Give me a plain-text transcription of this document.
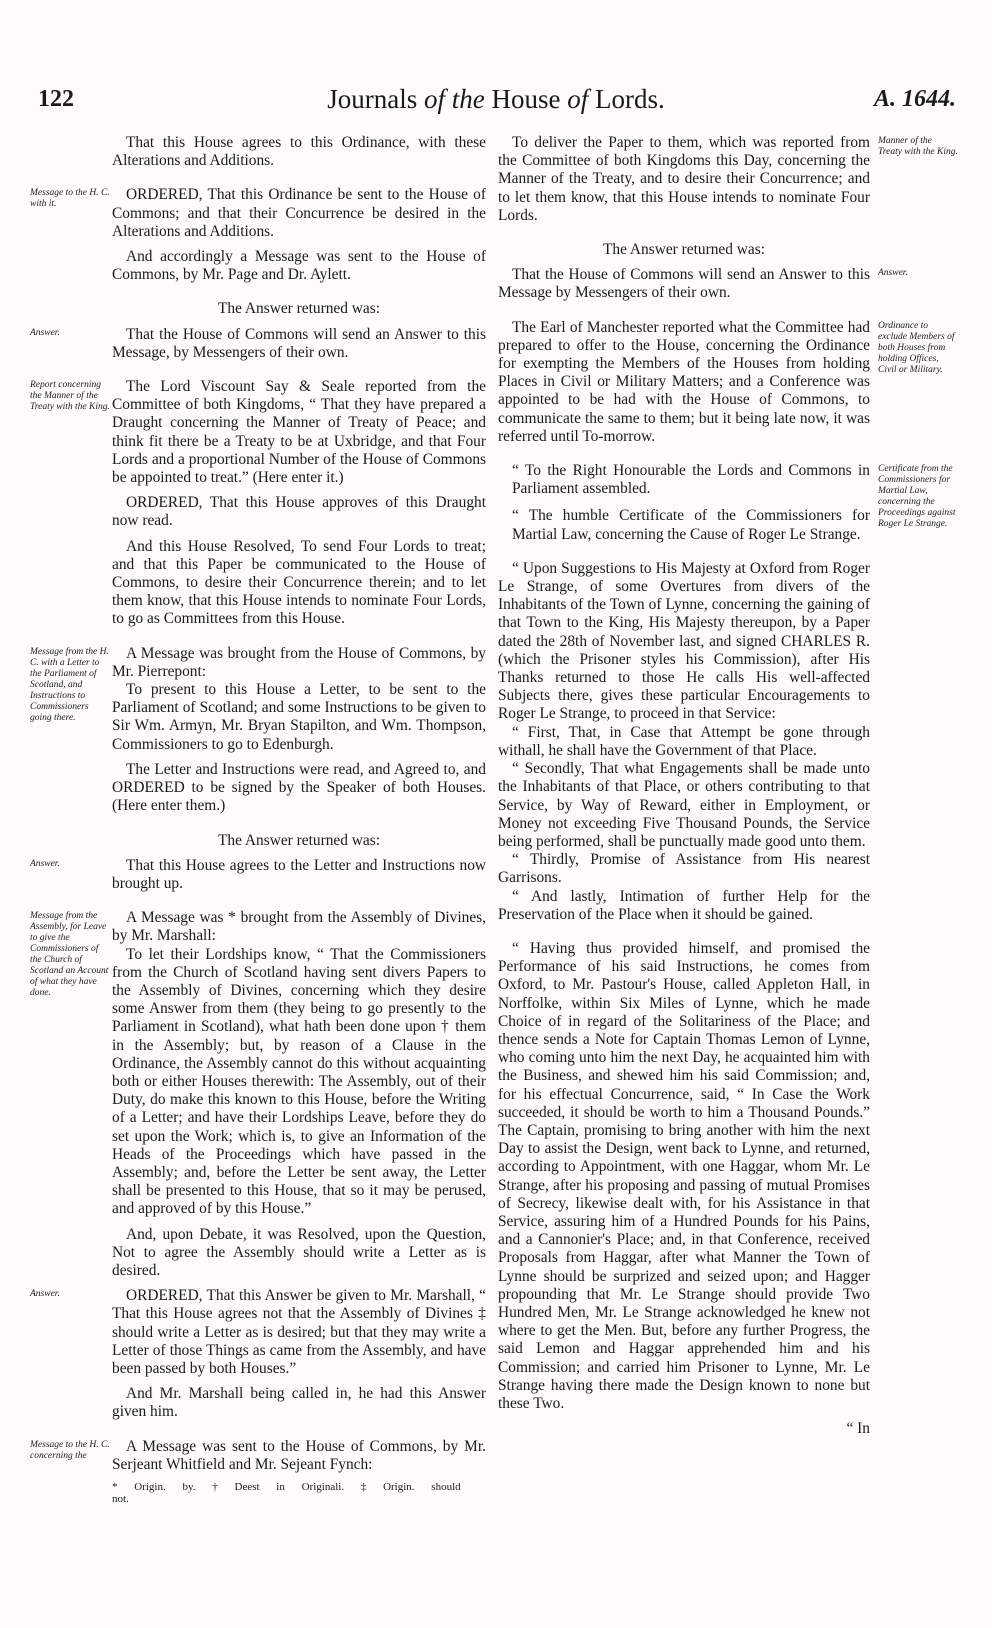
122	Journals of the House of Lords.	A. 1644.

That this House agrees to this Ordinance, with these Alterations and Additions.

Message to the H. C. with it.

ORDERED, That this Ordinance be sent to the House of Commons; and that their Concurrence be desired in the Alterations and Additions.

And accordingly a Message was sent to the House of Commons, by Mr. Page and Dr. Aylett.

The Answer returned was:

Answer.	That the House of Commons will send an Answer to this Message, by Messengers of their own.

Report concerning the Manner of the Treaty with the King.

The Lord Viscount Say & Seale reported from the Committee of both Kingdoms, “ That they have prepared a Draught concerning the Manner of Treaty of Peace; and think fit there be a Treaty to be at Uxbridge, and that Four Lords and a proportional Number of the House of Commons be appointed to treat.” (Here enter it.)

ORDERED, That this House approves of this Draught now read.

And this House Resolved, To send Four Lords to treat; and that this Paper be communicated to the House of Commons, to desire their Concurrence therein; and to let them know, that this House intends to nominate Four Lords, to go as Committees from this House.

Message from the H. C. with a Letter to the Parliament of Scotland, and Instructions to Commissioners going there.

A Message was brought from the House of Commons, by Mr. Pierrepont:

To present to this House a Letter, to be sent to the Parliament of Scotland; and some Instructions to be given to Sir Wm. Armyn, Mr. Bryan Stapilton, and Wm. Thompson, Commissioners to go to Edenburgh.

The Letter and Instructions were read, and Agreed to, and ORDERED to be signed by the Speaker of both Houses. (Here enter them.)

The Answer returned was:

Answer.	That this House agrees to the Letter and Instructions now brought up.

Message from the Assembly, for Leave to give the Commissioners of the Church of Scotland an Account of what they have done.

A Message was * brought from the Assembly of Divines, by Mr. Marshall:

To let their Lordships know, “ That the Commissioners from the Church of Scotland having sent divers Papers to the Assembly of Divines, concerning which they desire some Answer from them (they being to go presently to the Parliament in Scotland), what hath been done upon † them in the Assembly; but, by reason of a Clause in the Ordinance, the Assembly cannot do this without acquainting both or either Houses therewith: The Assembly, out of their Duty, do make this known to this House, before the Writing of a Letter; and have their Lordships Leave, before they do set upon the Work; which is, to give an Information of the Heads of the Proceedings which have passed in the Assembly; and, before the Letter be sent away, the Letter shall be presented to this House, that so it may be perused, and approved of by this House.”

And, upon Debate, it was Resolved, upon the Question, Not to agree the Assembly should write a Letter as is desired.

Answer.	ORDERED, That this Answer be given to Mr. Marshall, “ That this House agrees not that the Assembly of Divines ‡ should write a Letter as is desired; but that they may write a Letter of those Things as came from the Assembly, and have been passed by both Houses.”

And Mr. Marshall being called in, he had this Answer given him.

Message to the H. C. concerning the

A Message was sent to the House of Commons, by Mr. Serjeant Whitfield and Mr. Sejeant Fynch:

* Origin. by. † Deest in Originali. ‡ Origin. should not.
Manner of the Treaty with the King.

To deliver the Paper to them, which was reported from the Committee of both Kingdoms this Day, concerning the Manner of the Treaty, and to desire their Concurrence; and to let them know, that this House intends to nominate Four Lords.

The Answer returned was:

Answer.

That the House of Commons will send an Answer to this Message by Messengers of their own.

Ordinance to exclude Members of both Houses from holding Offices, Civil or Military.

The Earl of Manchester reported what the Committee had prepared to offer to the House, concerning the Ordinance for exempting the Members of the Houses from holding Places in Civil or Military Matters; and a Conference was appointed to be had with the House of Commons, to communicate the same to them; but it being late now, it was referred until To-morrow.

Certificate from the Commissioners for Martial Law, concerning the Proceedings against Roger Le Strange.

“ To the Right Honourable the Lords and Commons in Parliament assembled.

“ The humble Certificate of the Commissioners for Martial Law, concerning the Cause of Roger Le Strange.

“ Upon Suggestions to His Majesty at Oxford from Roger Le Strange, of some Overtures from divers of the Inhabitants of the Town of Lynne, concerning the gaining of that Town to the King, His Majesty thereupon, by a Paper dated the 28th of November last, and signed CHARLES R. (which the Prisoner styles his Commission), after His Thanks returned to those He calls His well-affected Subjects there, gives these particular Encouragements to Roger Le Strange, to proceed in that Service:

“ First, That, in Case that Attempt be gone through withall, he shall have the Government of that Place.

“ Secondly, That what Engagements shall be made unto the Inhabitants of that Place, or others contributing to that Service, by Way of Reward, either in Employment, or Money not exceeding Five Thousand Pounds, the Service being performed, shall be punctually made good unto them.

“ Thirdly, Promise of Assistance from His nearest Garrisons.

“ And lastly, Intimation of further Help for the Preservation of the Place when it should be gained.

“ Having thus provided himself, and promised the Performance of his said Instructions, he comes from Oxford, to Mr. Pastour's House, called Appleton Hall, in Norffolke, within Six Miles of Lynne, which he made Choice of in regard of the Solitariness of the Place; and thence sends a Note for Captain Thomas Lemon of Lynne, who coming unto him the next Day, he acquainted him with the Business, and shewed him his said Commission; and, for his effectual Concurrence, said, “ In Case the Work succeeded, it should be worth to him a Thousand Pounds.” The Captain, promising to bring another with him the next Day to assist the Design, went back to Lynne, and returned, according to Appointment, with one Haggar, whom Mr. Le Strange, after his proposing and passing of mutual Promises of Secrecy, likewise dealt with, for his Assistance in that Service, assuring him of a Hundred Pounds for his Pains, and a Cannonier's Place; and, in that Conference, received Proposals from Haggar, after what Manner the Town of Lynne should be surprized and seized upon; and Hagger propounding that Mr. Le Strange should provide Two Hundred Men, Mr. Le Strange acknowledged he knew not where to get the Men. But, before any further Progress, the said Lemon and Haggar apprehended him and his Commission; and carried him Prisoner to Lynne, Mr. Le Strange having there made the Design known to none but these Two.

“ In
